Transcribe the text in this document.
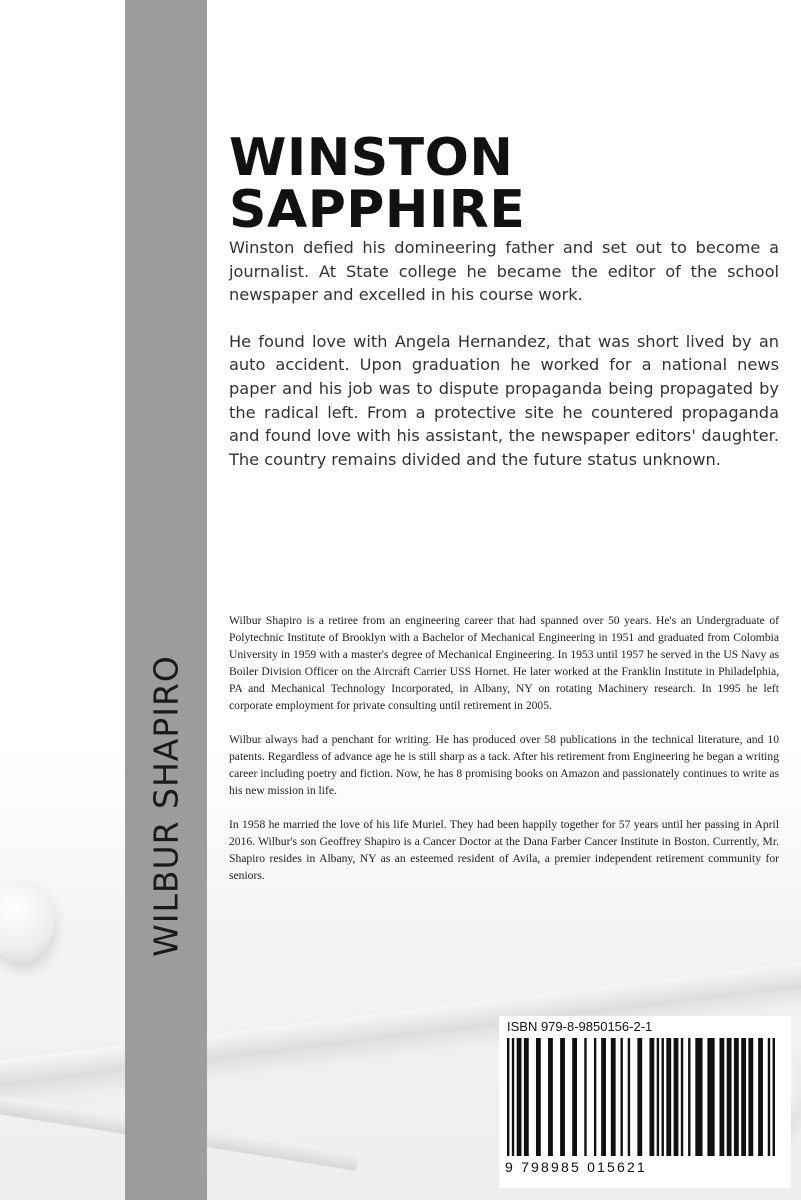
WILBUR SHAPIRO
WINSTON
SAPPHIRE

Winston defied his domineering father and set out to become a journalist. At State college he became the editor of the school newspaper and excelled in his course work.

He found love with Angela Hernandez, that was short lived by an auto accident. Upon graduation he worked for a national news paper and his job was to dispute propaganda being propagated by the radical left. From a protective site he countered propaganda and found love with his assistant, the newspaper editors' daughter. The country remains divided and the future status unknown.

Wilbur Shapiro is a retiree from an engineering career that had spanned over 50 years. He's an Undergraduate of Polytechnic Institute of Brooklyn with a Bachelor of Mechanical Engineering in 1951 and graduated from Colombia University in 1959 with a master's degree of Mechanical Engineering. In 1953 until 1957 he served in the US Navy as Boiler Division Officer on the Aircraft Carrier USS Hornet. He later worked at the Franklin Institute in Philadelphia, PA and Mechanical Technology Incorporated, in Albany, NY on rotating Machinery research. In 1995 he left corporate employment for private consulting until retirement in 2005.

Wilbur always had a penchant for writing. He has produced over 58 publications in the technical literature, and 10 patents. Regardless of advance age he is still sharp as a tack. After his retirement from Engineering he began a writing career including poetry and fiction. Now, he has 8 promising books on Amazon and passionately continues to write as his new mission in life.

In 1958 he married the love of his life Muriel. They had been happily together for 57 years until her passing in April 2016. Wilbur's son Geoffrey Shapiro is a Cancer Doctor at the Dana Farber Cancer Institute in Boston. Currently, Mr. Shapiro resides in Albany, NY as an esteemed resident of Avila, a premier independent retirement community for seniors.

ISBN 979-8-9850156-2-1
9 798985 015621
